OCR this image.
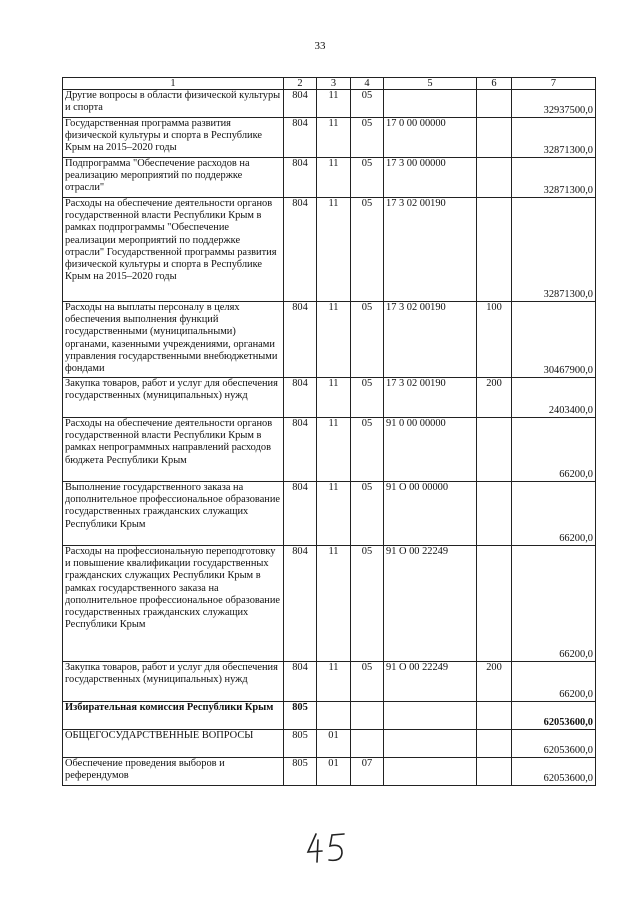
33
1	2	3	4	5	6	7
Другие вопросы в области физической культуры и спорта	804	11	05			32937500,0
Государственная программа развития физической культуры и спорта в Республике Крым на 2015–2020 годы	804	11	05	17 0 00 00000		32871300,0
Подпрограмма "Обеспечение расходов на реализацию мероприятий по поддержке отрасли"	804	11	05	17 3 00 00000		32871300,0
Расходы на обеспечение деятельности органов государственной власти Республики Крым в рамках подпрограммы "Обеспечение реализации мероприятий по поддержке отрасли" Государственной программы развития физической культуры и спорта в Республике Крым на 2015–2020 годы	804	11	05	17 3 02 00190		32871300,0
Расходы на выплаты персоналу в целях обеспечения выполнения функций государственными (муниципальными) органами, казенными учреждениями, органами управления государственными внебюджетными фондами	804	11	05	17 3 02 00190	100	30467900,0
Закупка товаров, работ и услуг для обеспечения государственных (муниципальных) нужд	804	11	05	17 3 02 00190	200	2403400,0
Расходы на обеспечение деятельности органов государственной власти Республики Крым в рамках непрограммных направлений расходов бюджета Республики Крым	804	11	05	91 0 00 00000		66200,0
Выполнение государственного заказа на дополнительное профессиональное образование государственных гражданских служащих Республики Крым	804	11	05	91 О 00 00000		66200,0
Расходы на профессиональную переподготовку и повышение квалификации государственных гражданских служащих Республики Крым в рамках государственного заказа на дополнительное профессиональное образование государственных гражданских служащих Республики Крым	804	11	05	91 О 00 22249		66200,0
Закупка товаров, работ и услуг для обеспечения государственных (муниципальных) нужд	804	11	05	91 О 00 22249	200	66200,0
Избирательная комиссия Республики Крым	805					62053600,0
ОБЩЕГОСУДАРСТВЕННЫЕ ВОПРОСЫ	805	01				62053600,0
Обеспечение проведения выборов и референдумов	805	01	07			62053600,0
